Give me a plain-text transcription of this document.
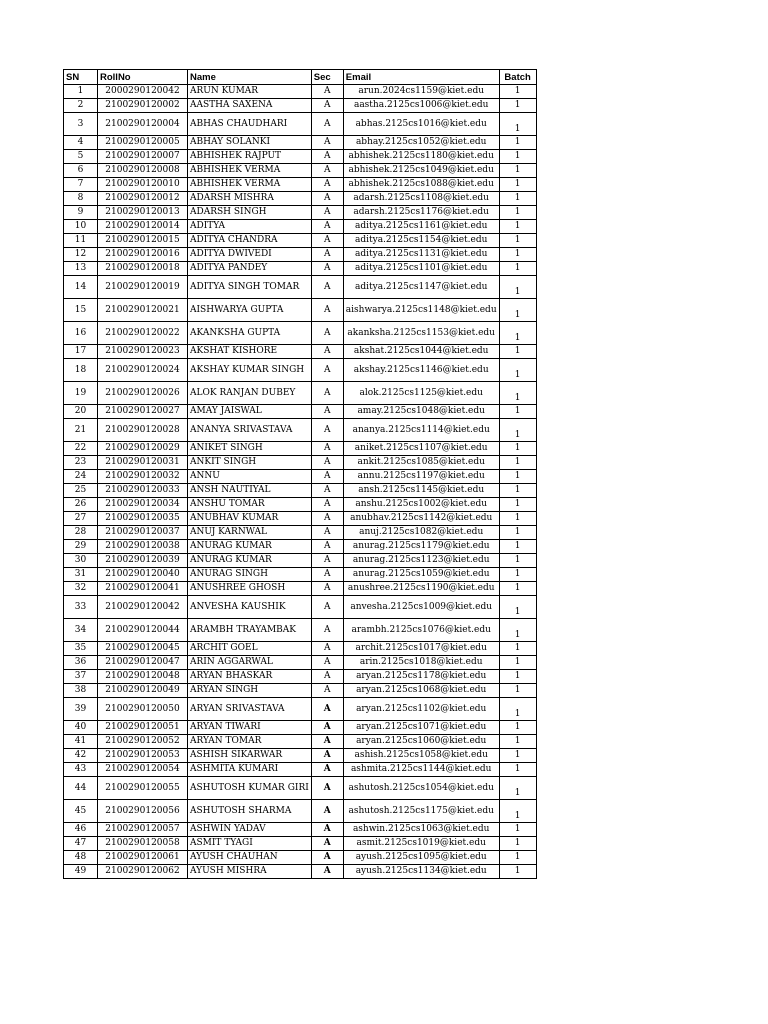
SN	RollNo	Name	Sec	Email	Batch
1	2000290120042	ARUN KUMAR	A	arun.2024cs1159@kiet.edu	1
2	2100290120002	AASTHA SAXENA	A	aastha.2125cs1006@kiet.edu	1
3	2100290120004	ABHAS CHAUDHARI	A	abhas.2125cs1016@kiet.edu	1
4	2100290120005	ABHAY SOLANKI	A	abhay.2125cs1052@kiet.edu	1
5	2100290120007	ABHISHEK RAJPUT	A	abhishek.2125cs1180@kiet.edu	1
6	2100290120008	ABHISHEK VERMA	A	abhishek.2125cs1049@kiet.edu	1
7	2100290120010	ABHISHEK VERMA	A	abhishek.2125cs1088@kiet.edu	1
8	2100290120012	ADARSH MISHRA	A	adarsh.2125cs1108@kiet.edu	1
9	2100290120013	ADARSH SINGH	A	adarsh.2125cs1176@kiet.edu	1
10	2100290120014	ADITYA	A	aditya.2125cs1161@kiet.edu	1
11	2100290120015	ADITYA CHANDRA	A	aditya.2125cs1154@kiet.edu	1
12	2100290120016	ADITYA DWIVEDI	A	aditya.2125cs1131@kiet.edu	1
13	2100290120018	ADITYA PANDEY	A	aditya.2125cs1101@kiet.edu	1
14	2100290120019	ADITYA SINGH TOMAR	A	aditya.2125cs1147@kiet.edu	1
15	2100290120021	AISHWARYA GUPTA	A	aishwarya.2125cs1148@kiet.edu	1
16	2100290120022	AKANKSHA GUPTA	A	akanksha.2125cs1153@kiet.edu	1
17	2100290120023	AKSHAT KISHORE	A	akshat.2125cs1044@kiet.edu	1
18	2100290120024	AKSHAY KUMAR SINGH	A	akshay.2125cs1146@kiet.edu	1
19	2100290120026	ALOK RANJAN DUBEY	A	alok.2125cs1125@kiet.edu	1
20	2100290120027	AMAY JAISWAL	A	amay.2125cs1048@kiet.edu	1
21	2100290120028	ANANYA SRIVASTAVA	A	ananya.2125cs1114@kiet.edu	1
22	2100290120029	ANIKET SINGH	A	aniket.2125cs1107@kiet.edu	1
23	2100290120031	ANKIT SINGH	A	ankit.2125cs1085@kiet.edu	1
24	2100290120032	ANNU	A	annu.2125cs1197@kiet.edu	1
25	2100290120033	ANSH NAUTIYAL	A	ansh.2125cs1145@kiet.edu	1
26	2100290120034	ANSHU TOMAR	A	anshu.2125cs1002@kiet.edu	1
27	2100290120035	ANUBHAV KUMAR	A	anubhav.2125cs1142@kiet.edu	1
28	2100290120037	ANUJ KARNWAL	A	anuj.2125cs1082@kiet.edu	1
29	2100290120038	ANURAG KUMAR	A	anurag.2125cs1179@kiet.edu	1
30	2100290120039	ANURAG KUMAR	A	anurag.2125cs1123@kiet.edu	1
31	2100290120040	ANURAG SINGH	A	anurag.2125cs1059@kiet.edu	1
32	2100290120041	ANUSHREE GHOSH	A	anushree.2125cs1190@kiet.edu	1
33	2100290120042	ANVESHA KAUSHIK	A	anvesha.2125cs1009@kiet.edu	1
34	2100290120044	ARAMBH TRAYAMBAK	A	arambh.2125cs1076@kiet.edu	1
35	2100290120045	ARCHIT GOEL	A	archit.2125cs1017@kiet.edu	1
36	2100290120047	ARIN AGGARWAL	A	arin.2125cs1018@kiet.edu	1
37	2100290120048	ARYAN BHASKAR	A	aryan.2125cs1178@kiet.edu	1
38	2100290120049	ARYAN SINGH	A	aryan.2125cs1068@kiet.edu	1
39	2100290120050	ARYAN SRIVASTAVA	A	aryan.2125cs1102@kiet.edu	1
40	2100290120051	ARYAN TIWARI	A	aryan.2125cs1071@kiet.edu	1
41	2100290120052	ARYAN TOMAR	A	aryan.2125cs1060@kiet.edu	1
42	2100290120053	ASHISH SIKARWAR	A	ashish.2125cs1058@kiet.edu	1
43	2100290120054	ASHMITA KUMARI	A	ashmita.2125cs1144@kiet.edu	1
44	2100290120055	ASHUTOSH KUMAR GIRI	A	ashutosh.2125cs1054@kiet.edu	1
45	2100290120056	ASHUTOSH SHARMA	A	ashutosh.2125cs1175@kiet.edu	1
46	2100290120057	ASHWIN YADAV	A	ashwin.2125cs1063@kiet.edu	1
47	2100290120058	ASMIT TYAGI	A	asmit.2125cs1019@kiet.edu	1
48	2100290120061	AYUSH CHAUHAN	A	ayush.2125cs1095@kiet.edu	1
49	2100290120062	AYUSH MISHRA	A	ayush.2125cs1134@kiet.edu	1
